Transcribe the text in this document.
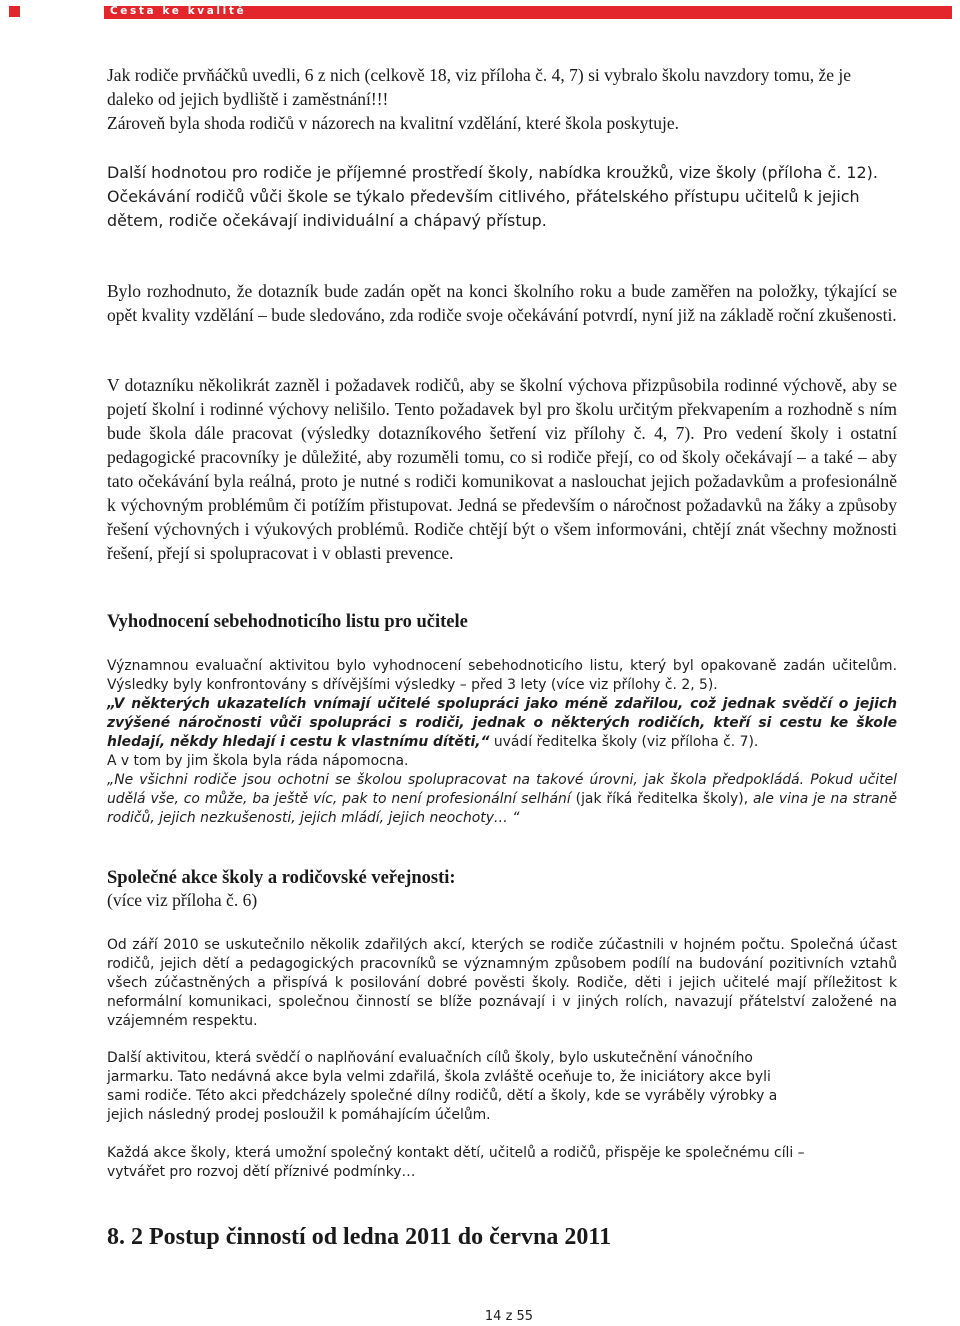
Cesta ke kvalitě

Jak rodiče prvňáčků uvedli, 6 z nich (celkově 18, viz příloha č. 4, 7) si vybralo školu navzdory tomu, že je daleko od jejich bydliště i zaměstnání!!!

Zároveň byla shoda rodičů v názorech na kvalitní vzdělání, které škola poskytuje.

Další hodnotou pro rodiče je příjemné prostředí školy, nabídka kroužků, vize školy (příloha č. 12).

Očekávání rodičů vůči škole se týkalo především citlivého, přátelského přístupu učitelů k jejich dětem, rodiče očekávají individuální a chápavý přístup.

Bylo rozhodnuto, že dotazník bude zadán opět na konci školního roku a bude zaměřen na položky, týkající se opět kvality vzdělání – bude sledováno, zda rodiče svoje očekávání potvrdí, nyní již na základě roční zkušenosti.

V dotazníku několikrát zazněl i požadavek rodičů, aby se školní výchova přizpůsobila rodinné výchově, aby se pojetí školní i rodinné výchovy nelišilo. Tento požadavek byl pro školu určitým překvapením a rozhodně s ním bude škola dále pracovat (výsledky dotazníkového šetření viz přílohy č. 4, 7). Pro vedení školy i ostatní pedagogické pracovníky je důležité, aby rozuměli tomu, co si rodiče přejí, co od školy očekávají – a také – aby tato očekávání byla reálná, proto je nutné s rodiči komunikovat a naslouchat jejich požadavkům a profesionálně k výchovným problémům či potížím přistupovat. Jedná se především o náročnost požadavků na žáky a způsoby řešení výchovných i výukových problémů. Rodiče chtějí být o všem informováni, chtějí znát všechny možnosti řešení, přejí si spolupracovat i v oblasti prevence.

Vyhodnocení sebehodnoticího listu pro učitele

Významnou evaluační aktivitou bylo vyhodnocení sebehodnoticího listu, který byl opakovaně zadán učitelům. Výsledky byly konfrontovány s dřívějšími výsledky – před 3 lety (více viz přílohy č. 2, 5).

„V některých ukazatelích vnímají učitelé spolupráci jako méně zdařilou, což jednak svědčí o jejich zvýšené náročnosti vůči spolupráci s rodiči, jednak o některých rodičích, kteří si cestu ke škole hledají, někdy hledají i cestu k vlastnímu dítěti,“ uvádí ředitelka školy (viz příloha č. 7).

A v tom by jim škola byla ráda nápomocna.

„Ne všichni rodiče jsou ochotni se školou spolupracovat na takové úrovni, jak škola předpokládá. Pokud učitel udělá vše, co může, ba ještě víc, pak to není profesionální selhání (jak říká ředitelka školy), ale vina je na straně rodičů, jejich nezkušenosti, jejich mládí, jejich neochoty… “

Společné akce školy a rodičovské veřejnosti:
(více viz příloha č. 6)

Od září 2010 se uskutečnilo několik zdařilých akcí, kterých se rodiče zúčastnili v hojném počtu. Společná účast rodičů, jejich dětí a pedagogických pracovníků se významným způsobem podílí na budování pozitivních vztahů všech zúčastněných a přispívá k posilování dobré pověsti školy. Rodiče, děti i jejich učitelé mají příležitost k neformální komunikaci, společnou činností se blíže poznávají i v jiných rolích, navazují přátelství založené na vzájemném respektu.

Další aktivitou, která svědčí o naplňování evaluačních cílů školy, bylo uskutečnění vánočního

jarmarku. Tato nedávná akce byla velmi zdařilá, škola zvláště oceňuje to, že iniciátory akce byli

sami rodiče. Této akci předcházely společné dílny rodičů, dětí a školy, kde se vyráběly výrobky a

jejich následný prodej posloužil k pomáhajícím účelům.

Každá akce školy, která umožní společný kontakt dětí, učitelů a rodičů, přispěje ke společnému cíli –

vytvářet pro rozvoj dětí příznivé podmínky…

8. 2 Postup činností od ledna 2011 do června 2011
14 z 55
